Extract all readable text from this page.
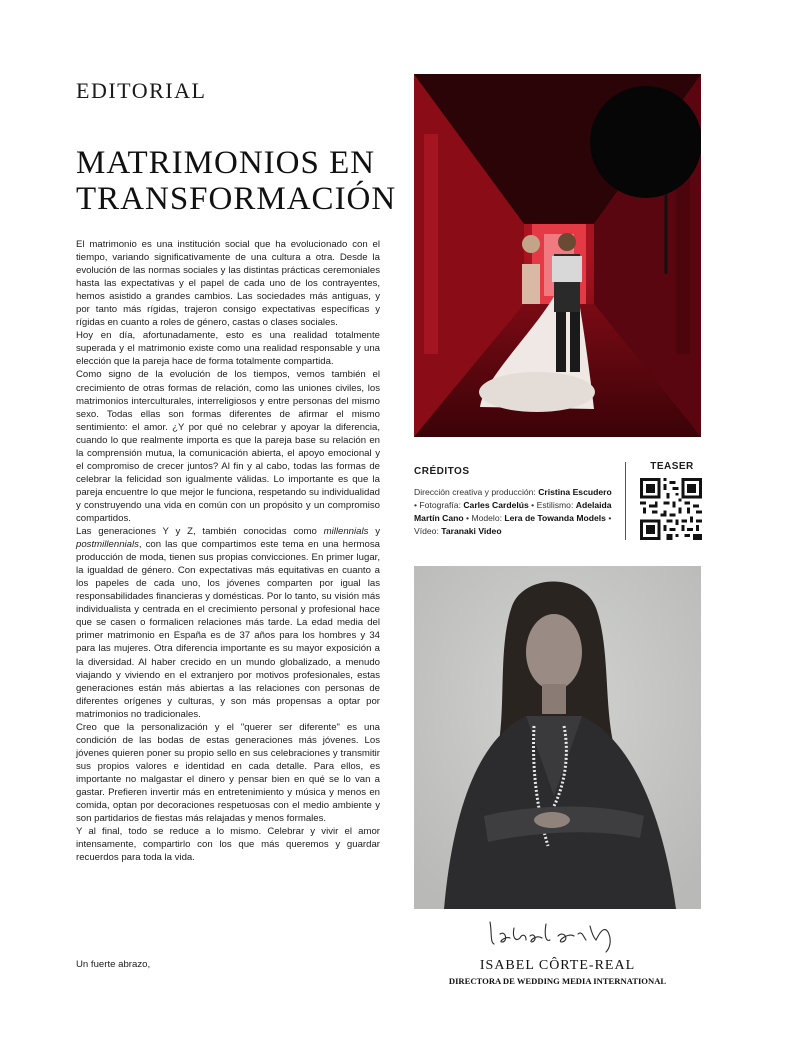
EDITORIAL
MATRIMONIOS EN TRANSFORMACIÓN

El matrimonio es una institución social que ha evolucionado con el tiempo, variando significativamente de una cultura a otra. Desde la evolución de las normas sociales y las distintas prácticas ceremoniales hasta las expectativas y el papel de cada uno de los contrayentes, hemos asistido a grandes cambios. Las sociedades más antiguas, y por tanto más rígidas, trajeron consigo expectativas específicas y rígidas en cuanto a roles de género, castas o clases sociales.

Hoy en día, afortunadamente, esto es una realidad totalmente superada y el matrimonio existe como una realidad responsable y una elección que la pareja hace de forma totalmente compartida.

Como signo de la evolución de los tiempos, vemos también el crecimiento de otras formas de relación, como las uniones civiles, los matrimonios interculturales, interreligiosos y entre personas del mismo sexo. Todas ellas son formas diferentes de afirmar el mismo sentimiento: el amor. ¿Y por qué no celebrar y apoyar la diferencia, cuando lo que realmente importa es que la pareja base su relación en la comprensión mutua, la comunicación abierta, el apoyo emocional y el compromiso de crecer juntos? Al fin y al cabo, todas las formas de celebrar la felicidad son igualmente válidas. Lo importante es que la pareja encuentre lo que mejor le funciona, respetando su individualidad y construyendo una vida en común con un propósito y un compromiso compartidos.

Las generaciones Y y Z, también conocidas como millennials y postmillennials, con las que compartimos este tema en una hermosa producción de moda, tienen sus propias convicciones. En primer lugar, la igualdad de género. Con expectativas más equitativas en cuanto a los papeles de cada uno, los jóvenes comparten por igual las responsabilidades financieras y domésticas. Por lo tanto, su visión más individualista y centrada en el crecimiento personal y profesional hace que se casen o formalicen relaciones más tarde. La edad media del primer matrimonio en España es de 37 años para los hombres y 34 para las mujeres. Otra diferencia importante es su mayor exposición a la diversidad. Al haber crecido en un mundo globalizado, a menudo viajando y viviendo en el extranjero por motivos profesionales, estas generaciones están más abiertas a las relaciones con personas de diferentes orígenes y culturas, y son más propensas a optar por matrimonios no tradicionales.

Creo que la personalización y el "querer ser diferente" es una condición de las bodas de estas generaciones más jóvenes. Los jóvenes quieren poner su propio sello en sus celebraciones y transmitir sus propios valores e identidad en cada detalle. Para ellos, es importante no malgastar el dinero y pensar bien en qué se lo van a gastar. Prefieren invertir más en entretenimiento y música y menos en comida, optan por decoraciones respetuosas con el medio ambiente y son partidarios de fiestas más relajadas y menos formales.

Y al final, todo se reduce a lo mismo. Celebrar y vivir el amor intensamente, compartirlo con los que más queremos y guardar recuerdos para toda la vida.

Un fuerte abrazo,
CRÉDITOS
Dirección creativa y producción: Cristina Escudero • Fotografía: Carles Cardelús • Estilismo: Adelaida Martín Cano • Modelo: Lera de Towanda Models • Vídeo: Taranaki Video
TEASER
ISABEL CÔRTE-REAL
DIRECTORA DE WEDDING MEDIA INTERNATIONAL
